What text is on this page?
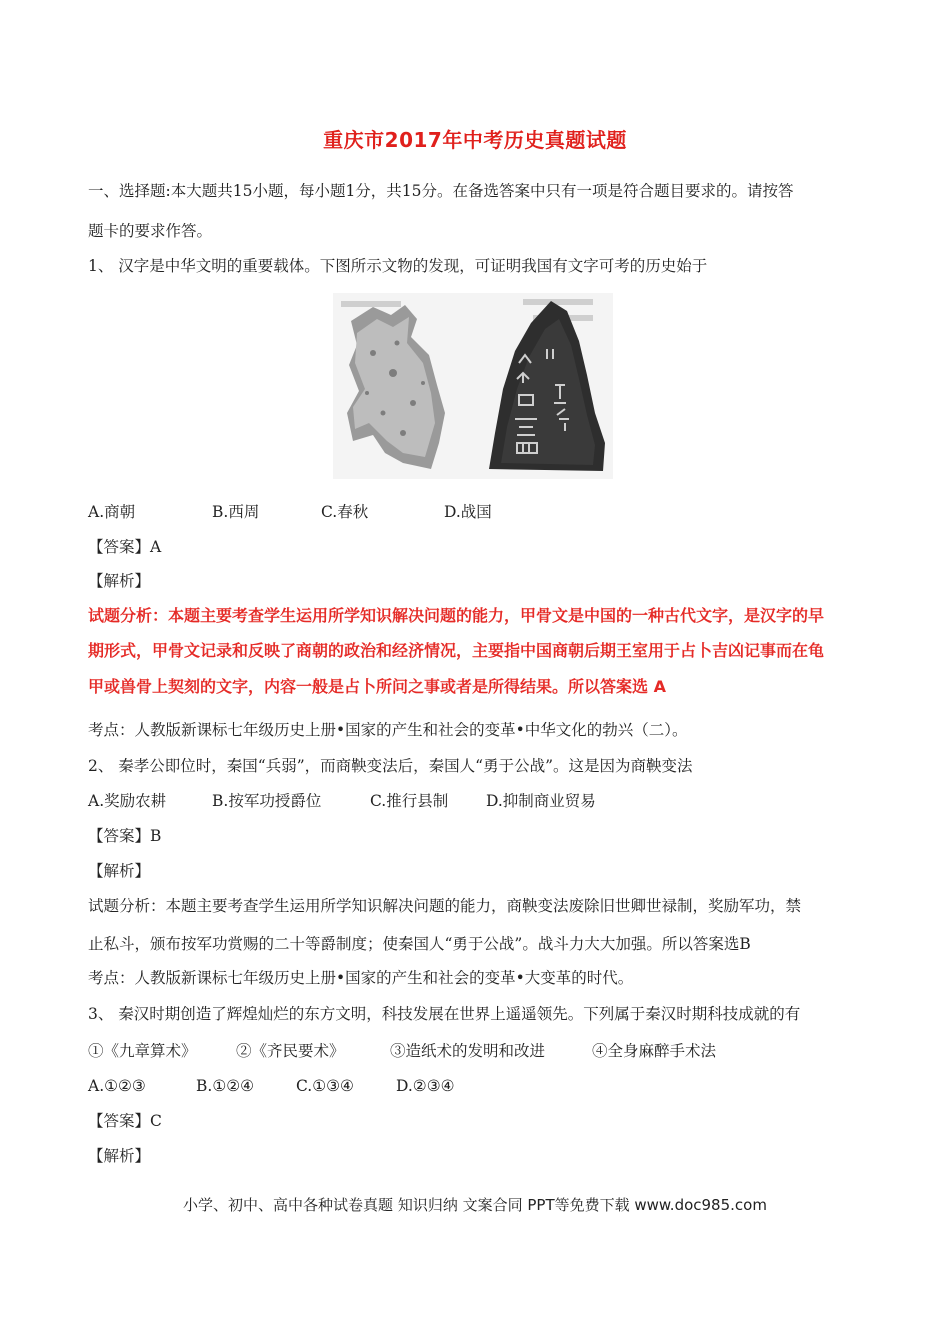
重庆市2017年中考历史真题试题
一、选择题:本大题共15小题，每小题1分，共15分。在备选答案中只有一项是符合题目要求的。请按答
题卡的要求作答。
1、 汉字是中华文明的重要载体。下图所示文物的发现，可证明我国有文字可考的历史始于
A.商朝	B.西周	C.春秋	D.战国
【答案】A
【解析】
试题分析：本题主要考查学生运用所学知识解决问题的能力，甲骨文是中国的一种古代文字，是汉字的早
期形式，甲骨文记录和反映了商朝的政治和经济情况，主要指中国商朝后期王室用于占卜吉凶记事而在龟
甲或兽骨上契刻的文字，内容一般是占卜所问之事或者是所得结果。所以答案选 A
考点：人教版新课标七年级历史上册•国家的产生和社会的变革•中华文化的勃兴（二）。
2、 秦孝公即位时，秦国“兵弱”，而商鞅变法后，秦国人“勇于公战”。这是因为商鞅变法
A.奖励农耕	B.按军功授爵位	C.推行县制 D.抑制商业贸易
【答案】B
【解析】
试题分析：本题主要考查学生运用所学知识解决问题的能力，商鞅变法废除旧世卿世禄制，奖励军功，禁
止私斗，颁布按军功赏赐的二十等爵制度；使秦国人“勇于公战”。战斗力大大加强。所以答案选B
考点：人教版新课标七年级历史上册•国家的产生和社会的变革•大变革的时代。
3、 秦汉时期创造了辉煌灿烂的东方文明，科技发展在世界上遥遥领先。下列属于秦汉时期科技成就的有
①《九章算术》	②《齐民要术》	③造纸术的发明和改进	④全身麻醉手术法
A.①②③	B.①②④	C.①③④	D.②③④
【答案】C
【解析】
小学、初中、高中各种试卷真题 知识归纳 文案合同 PPT等免费下载 www.doc985.com
